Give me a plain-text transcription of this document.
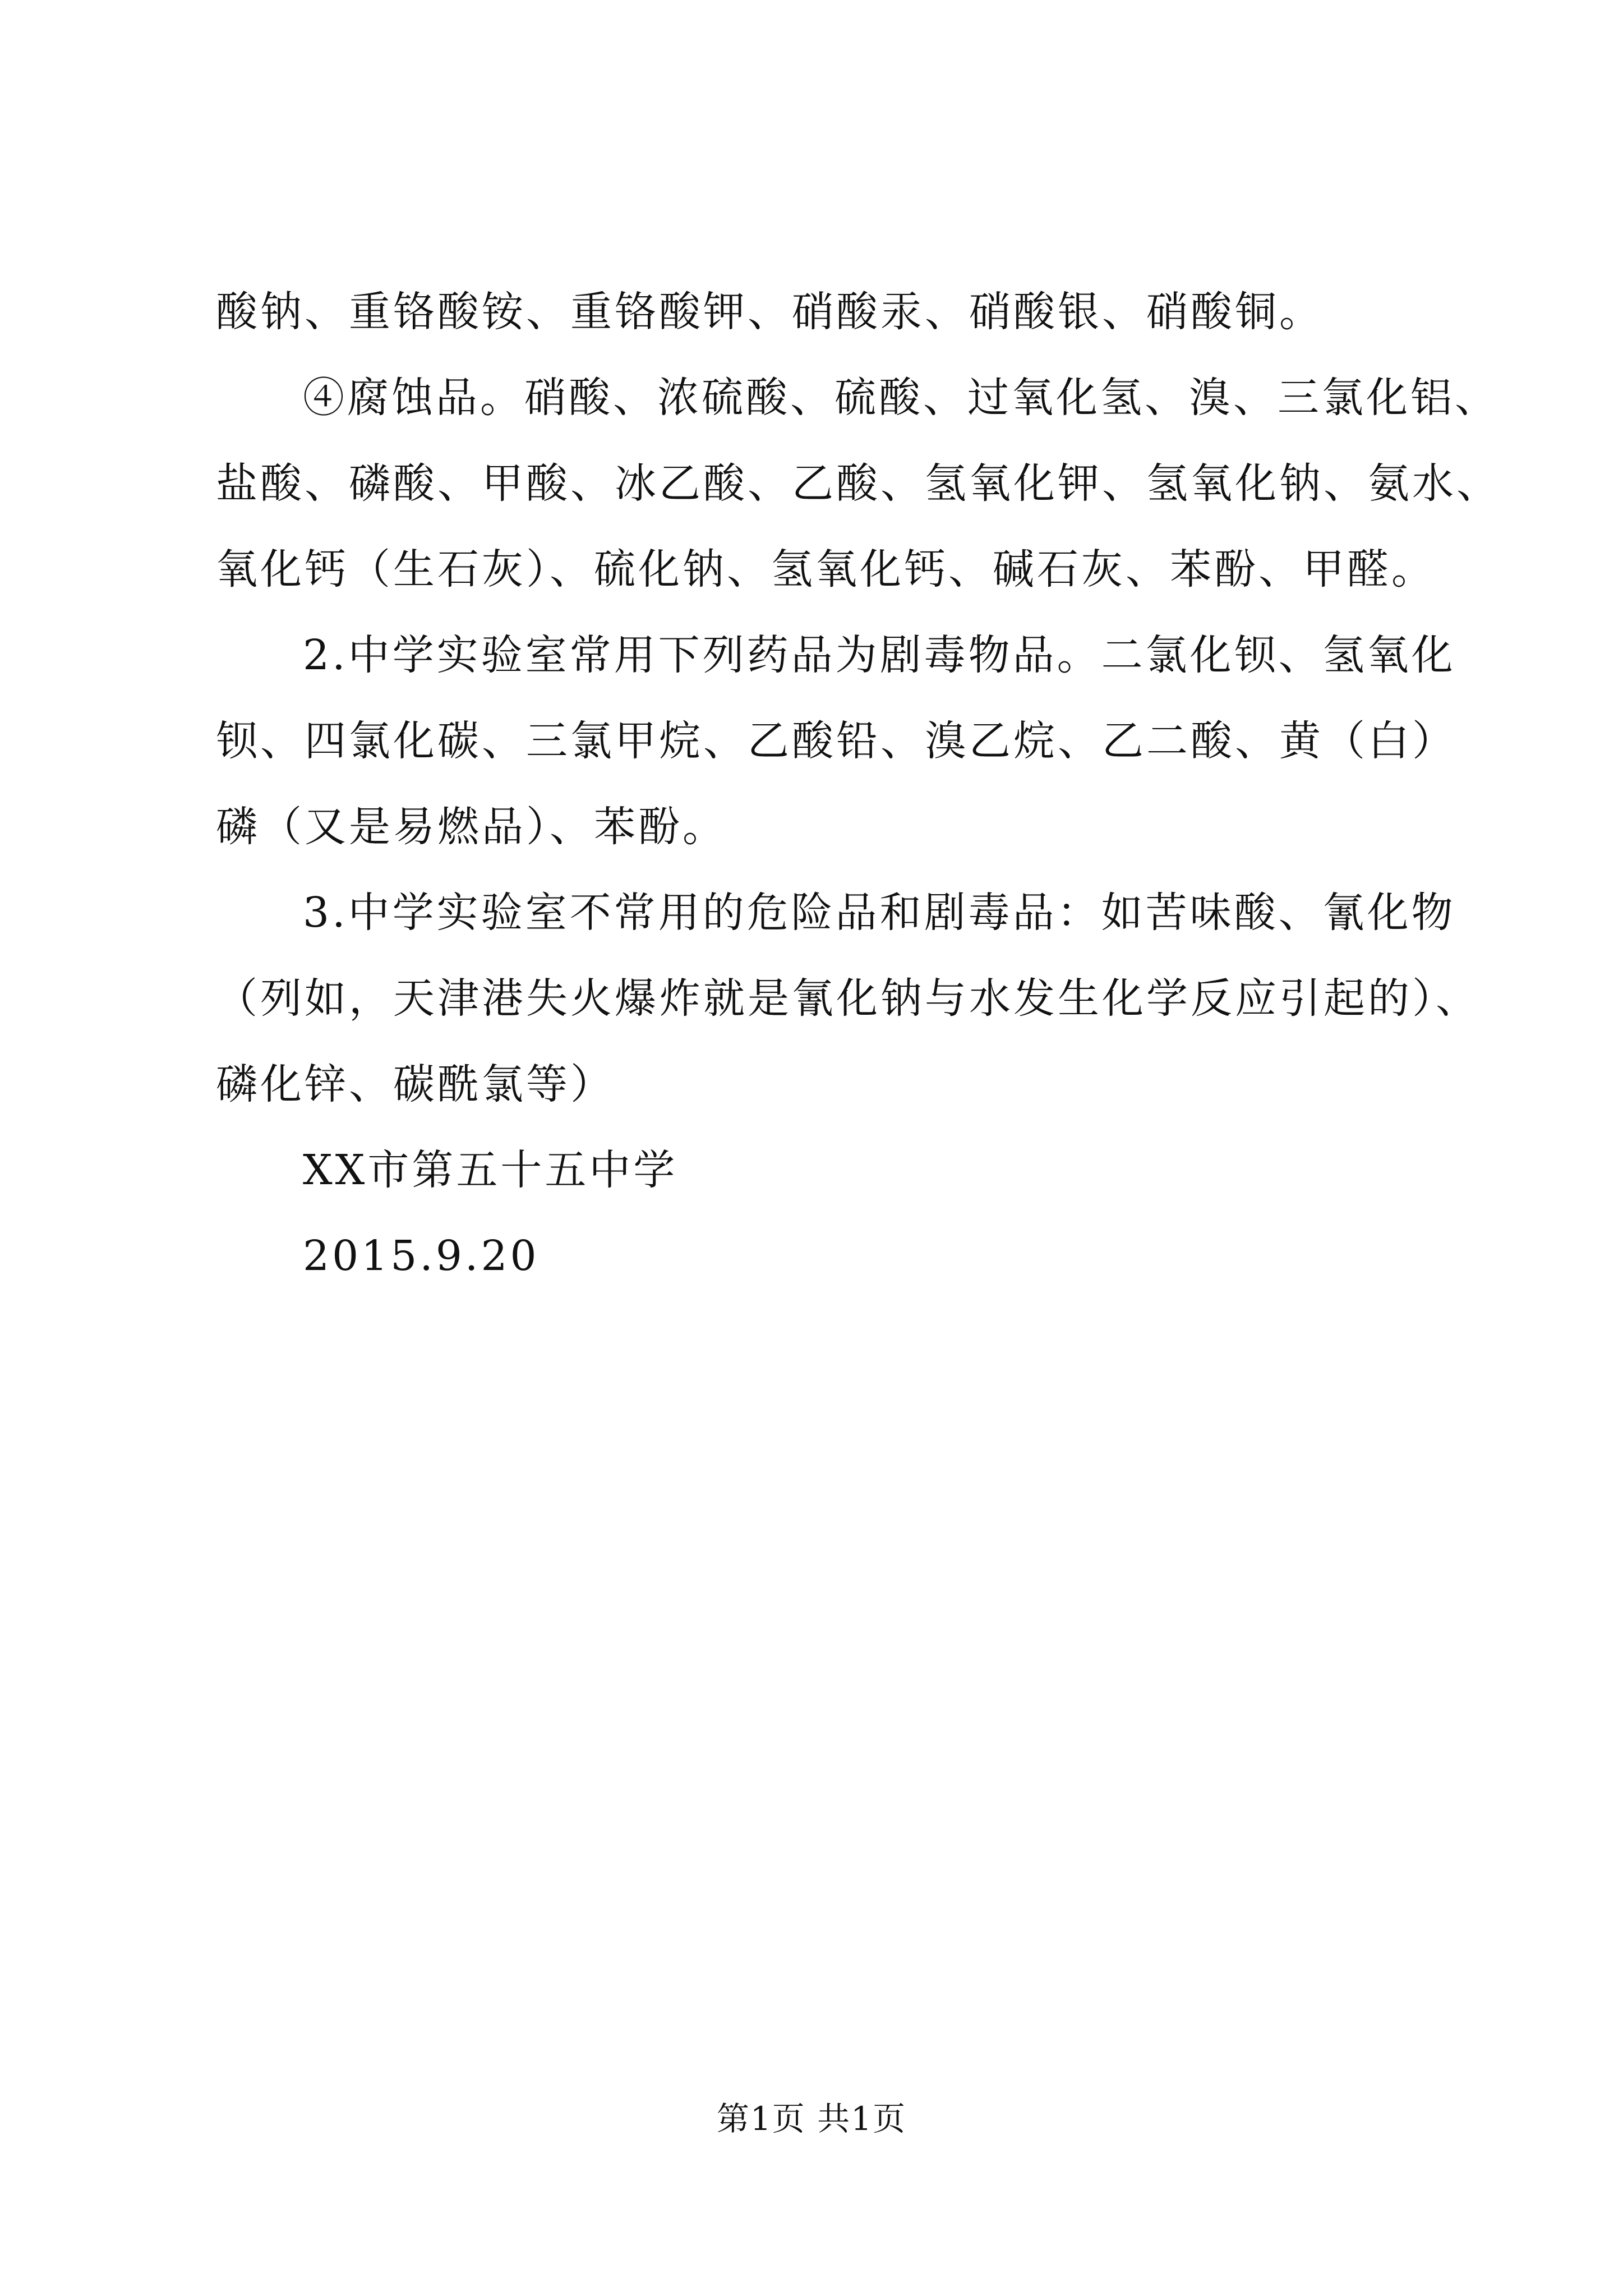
酸钠、重铬酸铵、重铬酸钾、硝酸汞、硝酸银、硝酸铜。
④腐蚀品。硝酸、浓硫酸、硫酸、过氧化氢、溴、三氯化铝、
盐酸、磷酸、甲酸、冰乙酸、乙酸、氢氧化钾、氢氧化钠、氨水、
氧化钙（生石灰）、硫化钠、氢氧化钙、碱石灰、苯酚、甲醛。
2.中学实验室常用下列药品为剧毒物品。二氯化钡、氢氧化
钡、四氯化碳、三氯甲烷、乙酸铅、溴乙烷、乙二酸、黄（白）
磷（又是易燃品）、苯酚。
3.中学实验室不常用的危险品和剧毒品：如苦味酸、氰化物
（列如，天津港失火爆炸就是氰化钠与水发生化学反应引起的）、
磷化锌、碳酰氯等）
XX市第五十五中学
2015.9.20
第1页 共1页
